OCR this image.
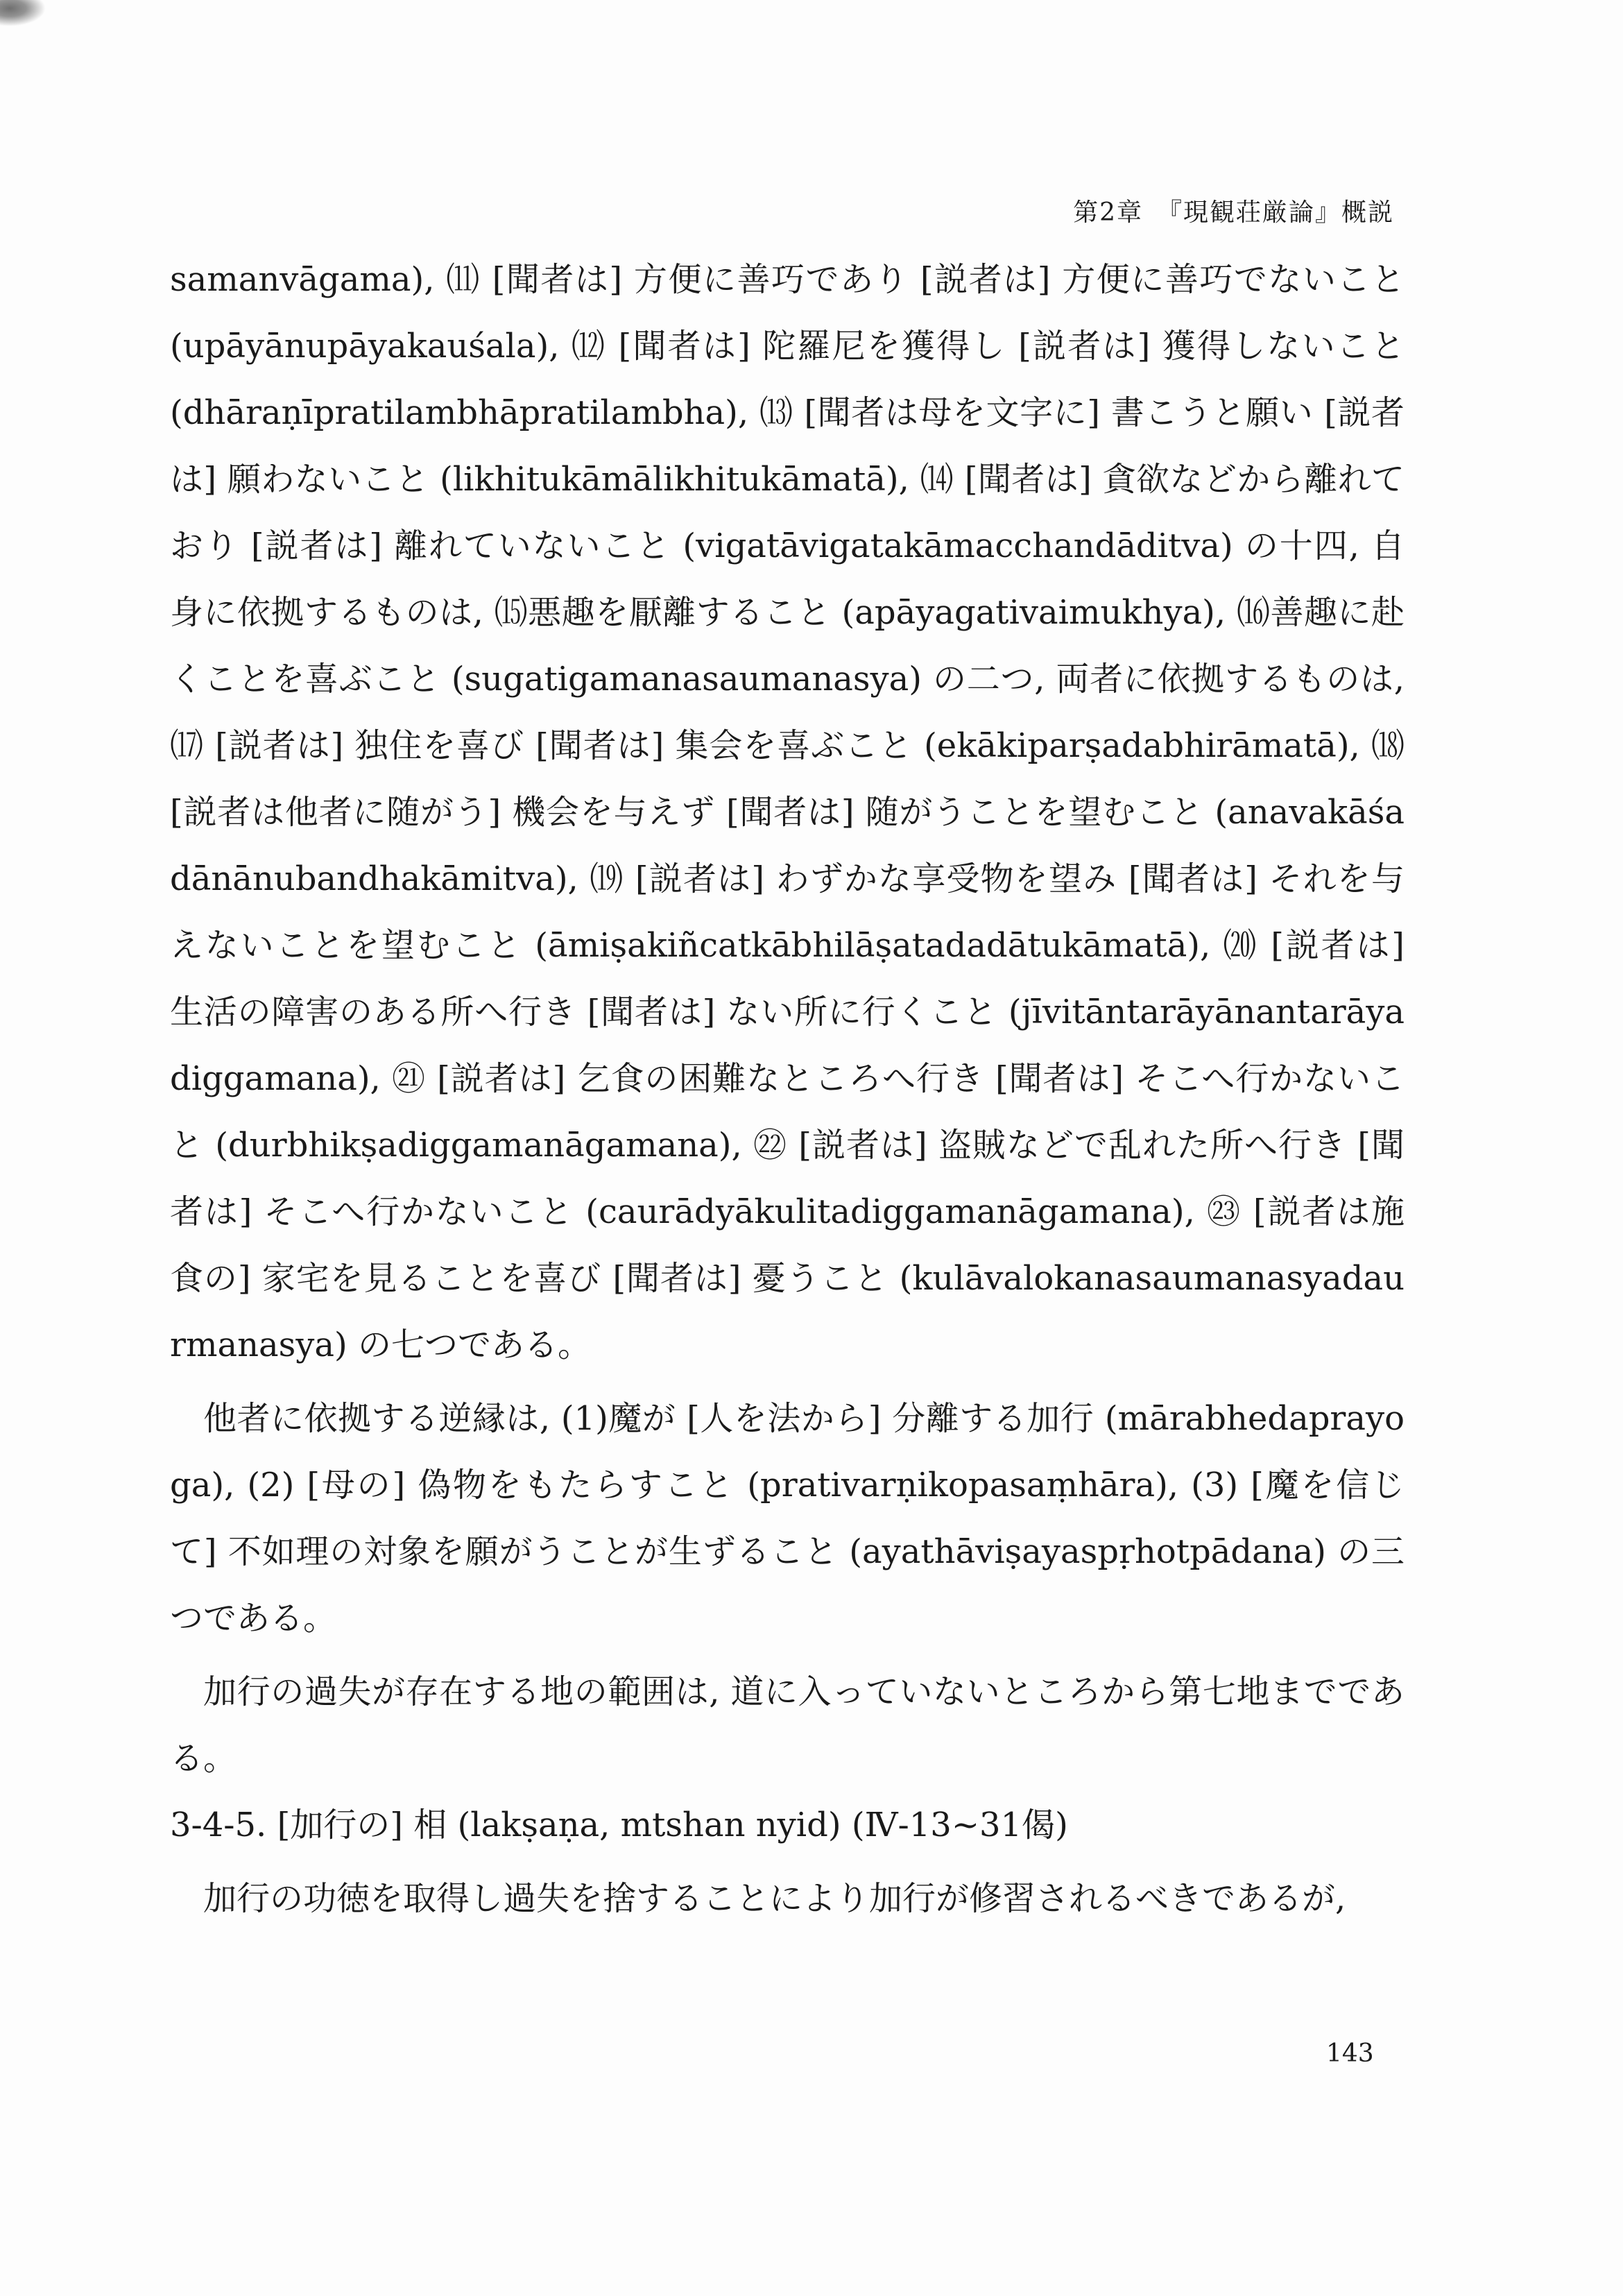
第2章　『現観荘厳論』概説

samanvāgama), ⑾ [聞者は] 方便に善巧であり [説者は] 方便に善巧でないこと (upāyānupāyakauśala), ⑿ [聞者は] 陀羅尼を獲得し [説者は] 獲得しないこと (dhāraṇīpratilambhāpratilambha), ⒀ [聞者は母を文字に] 書こうと願い [説者は] 願わないこと (likhitukāmālikhitukāmatā), ⒁ [聞者は] 貪欲などから離れており [説者は] 離れていないこと (vigatāvigatakāmacchandāditva) の十四, 自身に依拠するものは, ⒂悪趣を厭離すること (apāyagativaimukhya), ⒃善趣に赴くことを喜ぶこと (sugatigamanasaumanasya) の二つ, 両者に依拠するものは, ⒄ [説者は] 独住を喜び [聞者は] 集会を喜ぶこと (ekākiparṣadabhirāmatā), ⒅ [説者は他者に随がう] 機会を与えず [聞者は] 随がうことを望むこと (anavakāśadānānubandhakāmitva), ⒆ [説者は] わずかな享受物を望み [聞者は] それを与えないことを望むこと (āmiṣakiñcatkābhilāṣatadadātukāmatā), ⒇ [説者は] 生活の障害のある所へ行き [聞者は] ない所に行くこと (jīvitāntarāyānantarāyadiggamana), ㉑ [説者は] 乞食の困難なところへ行き [聞者は] そこへ行かないこと (durbhikṣadiggamanāgamana), ㉒ [説者は] 盗賊などで乱れた所へ行き [聞者は] そこへ行かないこと (caurādyākulitadiggamanāgamana), ㉓ [説者は施食の] 家宅を見ることを喜び [聞者は] 憂うこと (kulāvalokanasaumanasyadaurmanasya) の七つである。

他者に依拠する逆縁は, (1)魔が [人を法から] 分離する加行 (mārabhedaprayoga), (2) [母の] 偽物をもたらすこと (prativarṇikopasaṃhāra), (3) [魔を信じて] 不如理の対象を願がうことが生ずること (ayathāviṣayaspṛhotpādana) の三つである。

加行の過失が存在する地の範囲は, 道に入っていないところから第七地までである。

3-4-5. [加行の] 相 (lakṣaṇa, mtshan nyid) (Ⅳ-13~31偈)

加行の功徳を取得し過失を捨することにより加行が修習されるべきであるが,

143
